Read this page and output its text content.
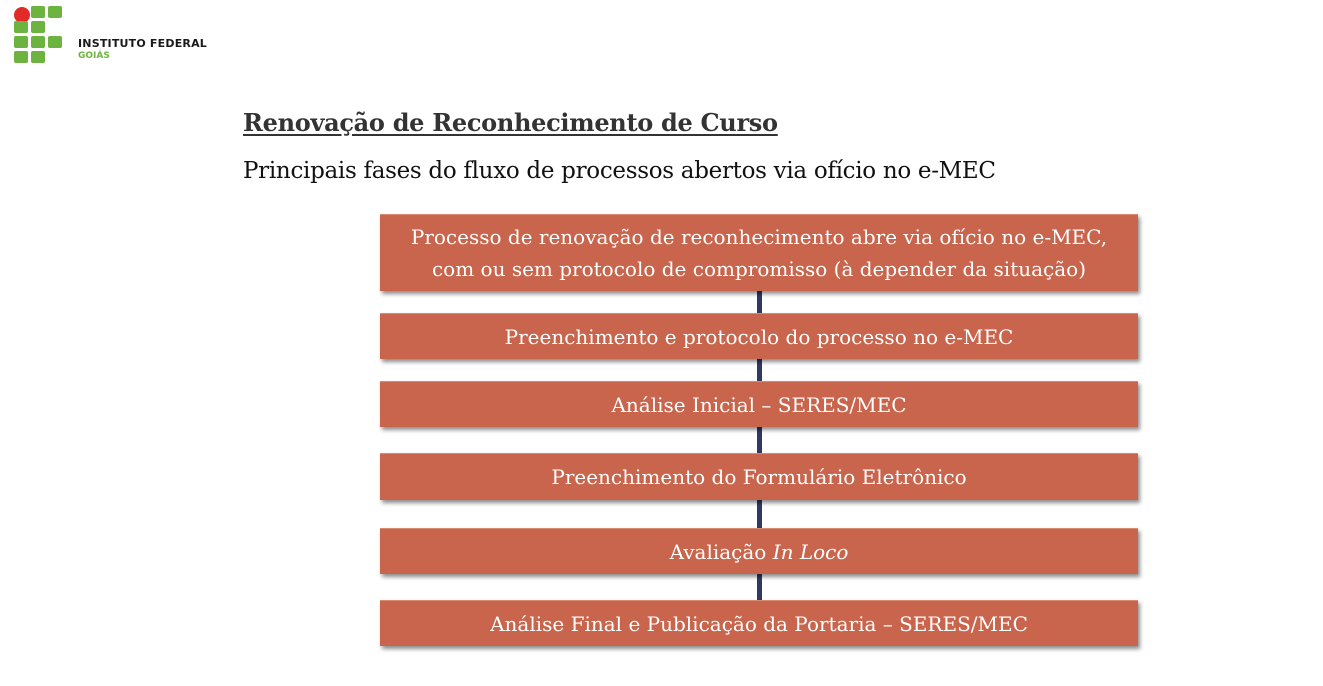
INSTITUTO FEDERAL
GOIÁS
Renovação de Reconhecimento de Curso
Principais fases do fluxo de processos abertos via ofício no e-MEC
Processo de renovação de reconhecimento abre via ofício no e-MEC,
com ou sem protocolo de compromisso (à depender da situação)
Preenchimento e protocolo do processo no e-MEC
Análise Inicial – SERES/MEC
Preenchimento do Formulário Eletrônico
Avaliação In Loco
Análise Final e Publicação da Portaria – SERES/MEC
